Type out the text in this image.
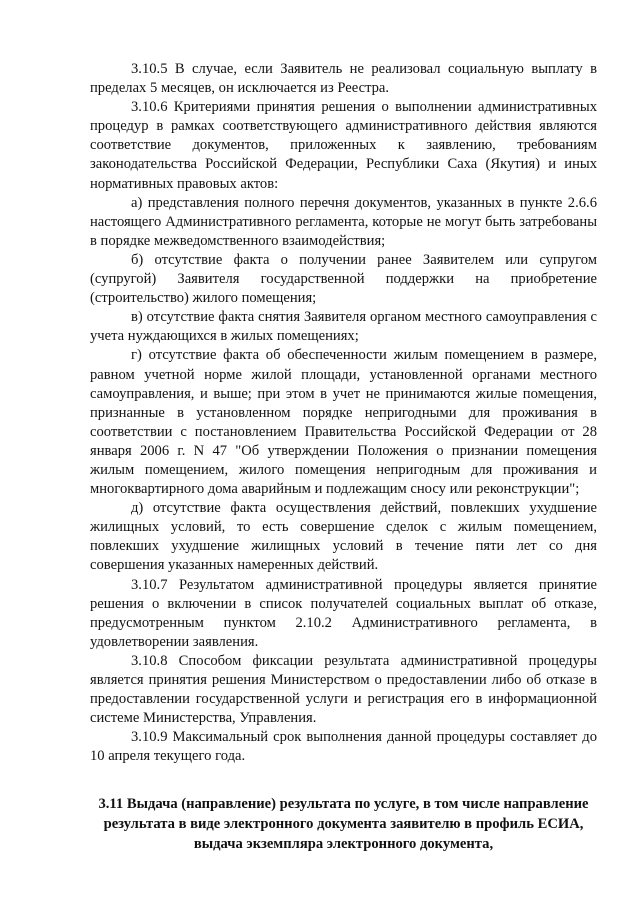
3.10.5 В случае, если Заявитель не реализовал социальную выплату в пределах 5 месяцев, он исключается из Реестра.

3.10.6 Критериями принятия решения о выполнении административных процедур в рамках соответствующего административного действия являются соответствие документов, приложенных к заявлению, требованиям законодательства Российской Федерации, Республики Саха (Якутия) и иных нормативных правовых актов:

а) представления полного перечня документов, указанных в пункте 2.6.6 настоящего Административного регламента, которые не могут быть затребованы в порядке межведомственного взаимодействия;

б) отсутствие факта о получении ранее Заявителем или супругом (супругой) Заявителя государственной поддержки на приобретение (строительство) жилого помещения;

в) отсутствие факта снятия Заявителя органом местного самоуправления с учета нуждающихся в жилых помещениях;

г) отсутствие факта об обеспеченности жилым помещением в размере, равном учетной норме жилой площади, установленной органами местного самоуправления, и выше; при этом в учет не принимаются жилые помещения, признанные в установленном порядке непригодными для проживания в соответствии с постановлением Правительства Российской Федерации от 28 января 2006 г. N 47 "Об утверждении Положения о признании помещения жилым помещением, жилого помещения непригодным для проживания и многоквартирного дома аварийным и подлежащим сносу или реконструкции";

д) отсутствие факта осуществления действий, повлекших ухудшение жилищных условий, то есть совершение сделок с жилым помещением, повлекших ухудшение жилищных условий в течение пяти лет со дня совершения указанных намеренных действий.

3.10.7 Результатом административной процедуры является принятие решения о включении в список получателей социальных выплат об отказе, предусмотренным пунктом 2.10.2 Административного регламента, в удовлетворении заявления.

3.10.8 Способом фиксации результата административной процедуры является принятия решения Министерством о предоставлении либо об отказе в предоставлении государственной услуги и регистрация его в информационной системе Министерства, Управления.

3.10.9 Максимальный срок выполнения данной процедуры составляет до 10 апреля текущего года.

3.11 Выдача (направление) результата по услуге, в том числе направление результата в виде электронного документа заявителю в профиль ЕСИА, выдача экземпляра электронного документа,
